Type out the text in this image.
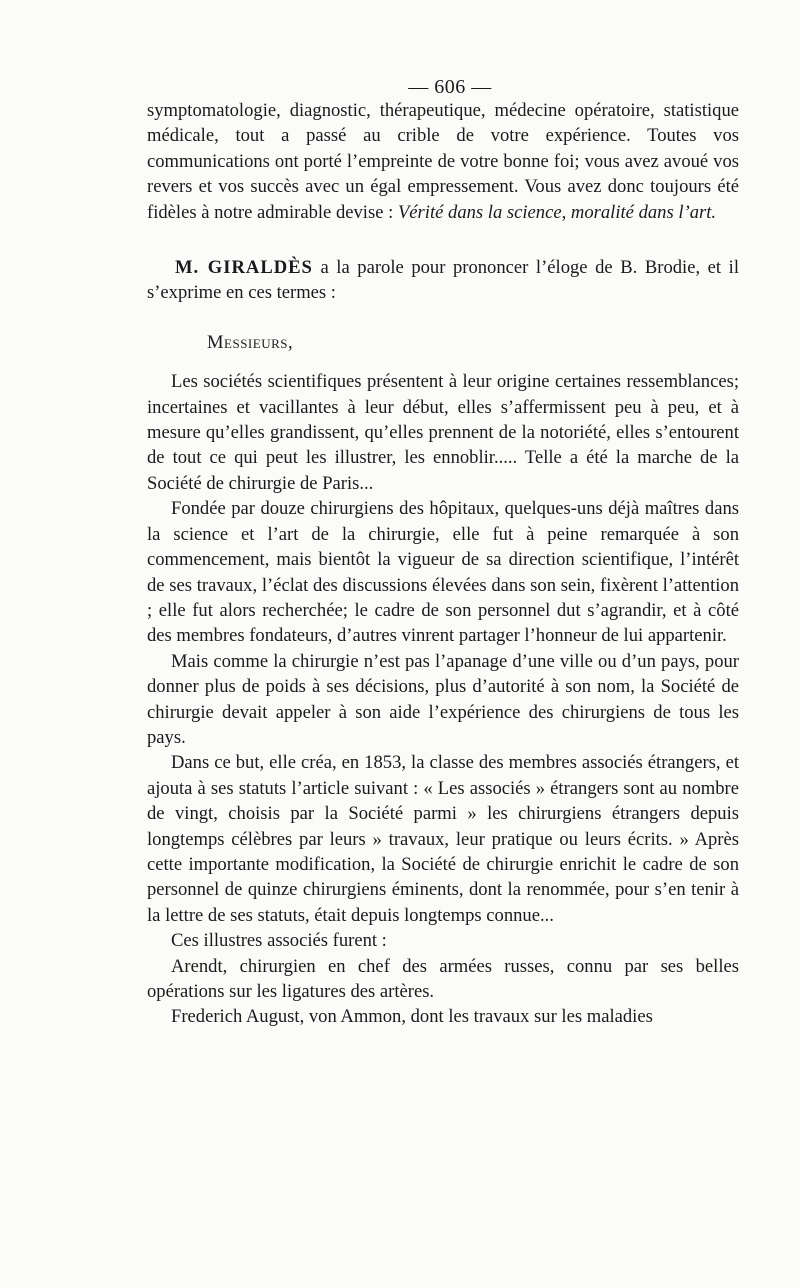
— 606 —

symptomatologie, diagnostic, thérapeutique, médecine opératoire, statistique médicale, tout a passé au crible de votre expérience. Toutes vos communications ont porté l’empreinte de votre bonne foi; vous avez avoué vos revers et vos succès avec un égal empressement. Vous avez donc toujours été fidèles à notre admirable devise : Vérité dans la science, moralité dans l’art.

M. GIRALDÈS a la parole pour prononcer l’éloge de B. Brodie, et il s’exprime en ces termes :

Messieurs,

Les sociétés scientifiques présentent à leur origine certaines ressemblances; incertaines et vacillantes à leur début, elles s’affermissent peu à peu, et à mesure qu’elles grandissent, qu’elles prennent de la notoriété, elles s’entourent de tout ce qui peut les illustrer, les ennoblir..... Telle a été la marche de la Société de chirurgie de Paris...

Fondée par douze chirurgiens des hôpitaux, quelques-uns déjà maîtres dans la science et l’art de la chirurgie, elle fut à peine remarquée à son commencement, mais bientôt la vigueur de sa direction scientifique, l’intérêt de ses travaux, l’éclat des discussions élevées dans son sein, fixèrent l’attention ; elle fut alors recherchée; le cadre de son personnel dut s’agrandir, et à côté des membres fondateurs, d’autres vinrent partager l’honneur de lui appartenir.

Mais comme la chirurgie n’est pas l’apanage d’une ville ou d’un pays, pour donner plus de poids à ses décisions, plus d’autorité à son nom, la Société de chirurgie devait appeler à son aide l’expérience des chirurgiens de tous les pays.

Dans ce but, elle créa, en 1853, la classe des membres associés étrangers, et ajouta à ses statuts l’article suivant : « Les associés » étrangers sont au nombre de vingt, choisis par la Société parmi » les chirurgiens étrangers depuis longtemps célèbres par leurs » travaux, leur pratique ou leurs écrits. » Après cette importante modification, la Société de chirurgie enrichit le cadre de son personnel de quinze chirurgiens éminents, dont la renommée, pour s’en tenir à la lettre de ses statuts, était depuis longtemps connue...

Ces illustres associés furent :

Arendt, chirurgien en chef des armées russes, connu par ses belles opérations sur les ligatures des artères.

Frederich August, von Ammon, dont les travaux sur les maladies
